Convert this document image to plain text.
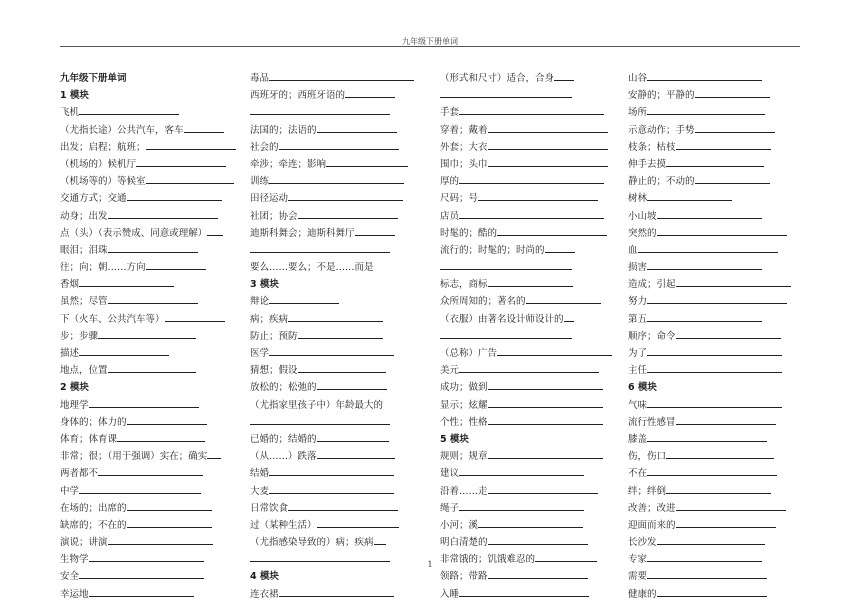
九年级下册单词
九年级下册单词
1 模块
飞机
（尤指长途）公共汽车，客车
出发；启程；航班；
（机场的）候机厅
（机场等的）等候室
交通方式；交通
动身；出发
点（头）（表示赞成、同意或理解）
眼泪；泪珠
往；向；朝……方向
香烟
虽然；尽管
下（火车、公共汽车等）
步；步骤
描述
地点，位置
2 模块
地理学
身体的；体力的
体育；体育课
非常；很；（用于强调）实在；确实
两者都不
中学
在场的；出席的
缺席的；不在的
演说；讲演
生物学
安全
幸运地
毒品
西班牙的；西班牙语的
法国的；法语的
社会的
牵涉；牵连；影响
训练
田径运动
社团；协会
迪斯科舞会；迪斯科舞厅
要么……要么；不是……而是
3 模块
辩论
病；疾病
防止；预防
医学
猜想；假设
放松的；松弛的
（尤指家里孩子中）年龄最大的
已婚的；结婚的
（从……）跌落
结婚
大麦
日常饮食
过（某种生活）
（尤指感染导致的）病；疾病
4 模块
连衣裙
（形式和尺寸）适合，合身
手套
穿着；戴着
外套；大衣
围巾；头巾
厚的
尺码；号
店员
时髦的；酷的
流行的；时髦的；时尚的
标志，商标
众所周知的；著名的
（衣服）由著名设计师设计的
（总称）广告
美元
成功；做到
显示；炫耀
个性；性格
5 模块
规则；规章
建议
沿着……走
绳子
小河；溪
明白清楚的
非常饿的；饥饿难忍的
领路；带路
入睡
山谷
安静的；平静的
场所
示意动作；手势
枝条；枯枝
伸手去摸
静止的；不动的
树林
小山坡
突然的
血
损害
造成；引起
努力
第五
顺序；命令
为了
主任
6 模块
气味
流行性感冒
膝盖
伤，伤口
不在
绊；绊倒
改善；改进
迎面而来的
长沙发
专家
需要
健康的
1
